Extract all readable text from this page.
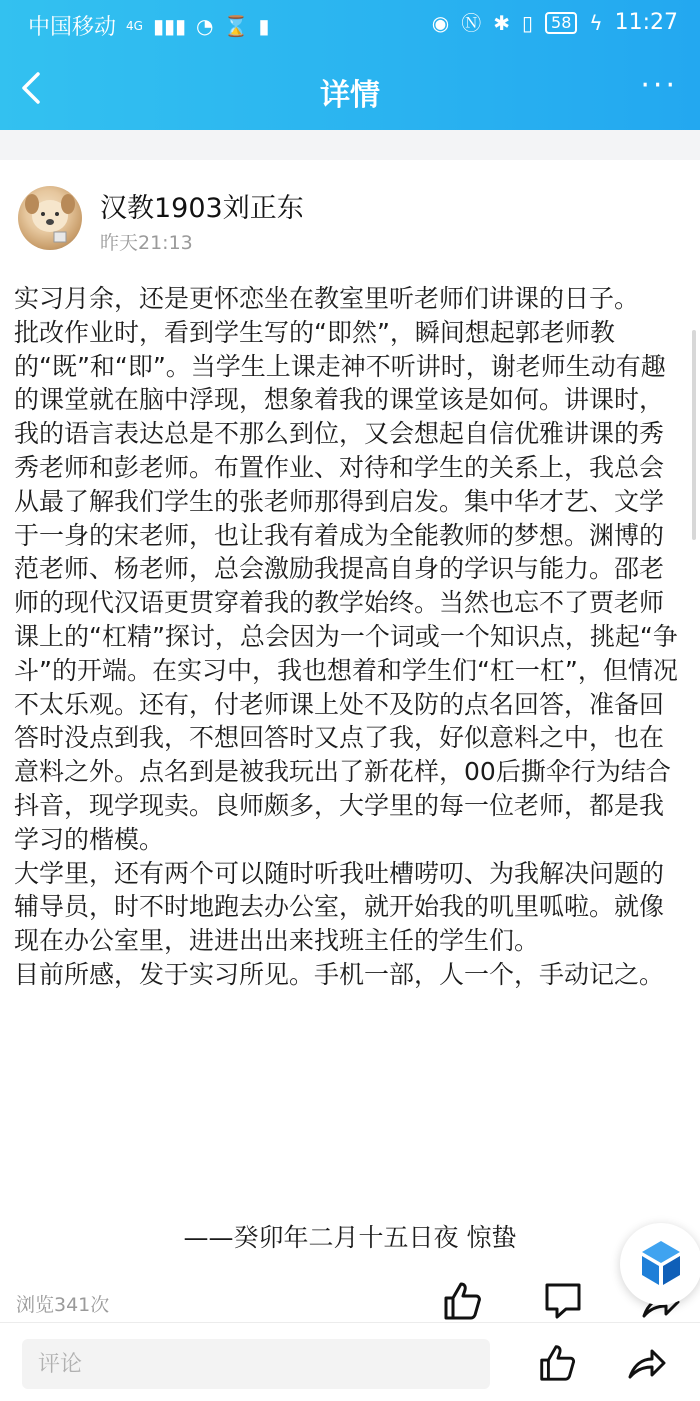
中国移动 4G ▮▮▮ ◔ ⌛ ▮	◉ Ⓝ ✱ ▯	58 ϟ 11:27
详情	···
汉教1903刘正东
昨天21:13

实习月余，还是更怀恋坐在教室里听老师们讲课的日子。

批改作业时，看到学生写的“即然”，瞬间想起郭老师教的“既”和“即”。当学生上课走神不听讲时，谢老师生动有趣的课堂就在脑中浮现，想象着我的课堂该是如何。讲课时，我的语言表达总是不那么到位，又会想起自信优雅讲课的秀秀老师和彭老师。布置作业、对待和学生的关系上，我总会从最了解我们学生的张老师那得到启发。集中华才艺、文学于一身的宋老师，也让我有着成为全能教师的梦想。渊博的范老师、杨老师，总会激励我提高自身的学识与能力。邵老师的现代汉语更贯穿着我的教学始终。当然也忘不了贾老师课上的“杠精”探讨，总会因为一个词或一个知识点，挑起“争斗”的开端。在实习中，我也想着和学生们“杠一杠”，但情况不太乐观。还有，付老师课上处不及防的点名回答，准备回答时没点到我，不想回答时又点了我，好似意料之中，也在意料之外。点名到是被我玩出了新花样，00后撕伞行为结合抖音，现学现卖。良师颇多，大学里的每一位老师，都是我学习的楷模。

大学里，还有两个可以随时听我吐槽唠叨、为我解决问题的辅导员，时不时地跑去办公室，就开始我的叽里呱啦。就像现在办公室里，进进出出来找班主任的学生们。

目前所感，发于实习所见。手机一部，人一个，手动记之。

——癸卯年二月十五日夜 惊蛰
浏览341次
评论
